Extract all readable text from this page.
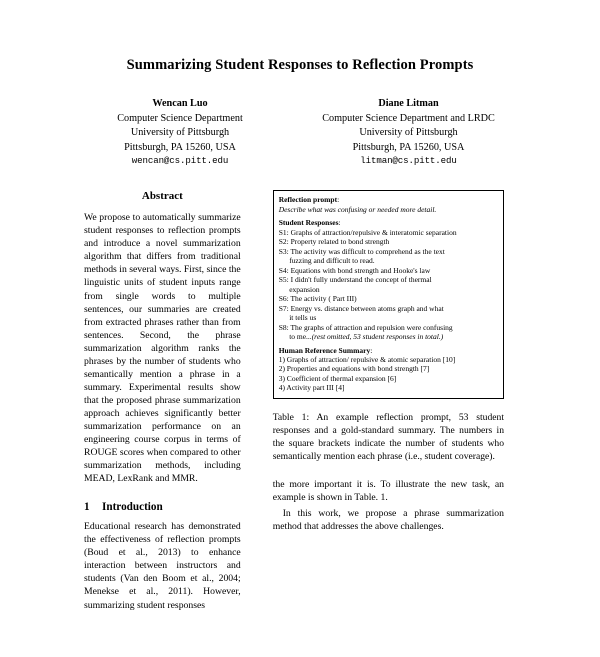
Summarizing Student Responses to Reflection Prompts
Wencan Luo
Computer Science Department
University of Pittsburgh
Pittsburgh, PA 15260, USA
wencan@cs.pitt.edu
Diane Litman
Computer Science Department and LRDC
University of Pittsburgh
Pittsburgh, PA 15260, USA
litman@cs.pitt.edu
Abstract

We propose to automatically summarize student responses to reflection prompts and introduce a novel summarization algorithm that differs from traditional methods in several ways. First, since the linguistic units of student inputs range from single words to multiple sentences, our summaries are created from extracted phrases rather than from sentences. Second, the phrase summarization algorithm ranks the phrases by the number of students who semantically mention a phrase in a summary. Experimental results show that the proposed phrase summarization approach achieves significantly better summarization performance on an engineering course corpus in terms of ROUGE scores when compared to other summarization methods, including MEAD, LexRank and MMR.

1	Introduction

Educational research has demonstrated the effectiveness of reflection prompts (Boud et al., 2013) to enhance interaction between instructors and students (Van den Boom et al., 2004; Menekse et al., 2011). However, summarizing student responses

Reflection prompt:
Describe what was confusing or needed more detail.
Student Responses:
S1: Graphs of attraction/repulsive & interatomic separation
S2: Property related to bond strength
S3: The activity was difficult to comprehend as the text
fuzzing and difficult to read.
S4: Equations with bond strength and Hooke's law
S5: I didn't fully understand the concept of thermal
expansion
S6: The activity ( Part III)
S7: Energy vs. distance between atoms graph and what
it tells us
S8: The graphs of attraction and repulsion were confusing
to me...(rest omitted, 53 student responses in total.)
Human Reference Summary:
1) Graphs of attraction/ repulsive & atomic separation [10]
2) Properties and equations with bond strength [7]
3) Coefficient of thermal expansion [6]
4) Activity part III [4]
Table 1: An example reflection prompt, 53 student responses and a gold-standard summary. The numbers in the square brackets indicate the number of students who semantically mention each phrase (i.e., student coverage).

the more important it is. To illustrate the new task, an example is shown in Table. 1.

In this work, we propose a phrase summarization method that addresses the above challenges.
